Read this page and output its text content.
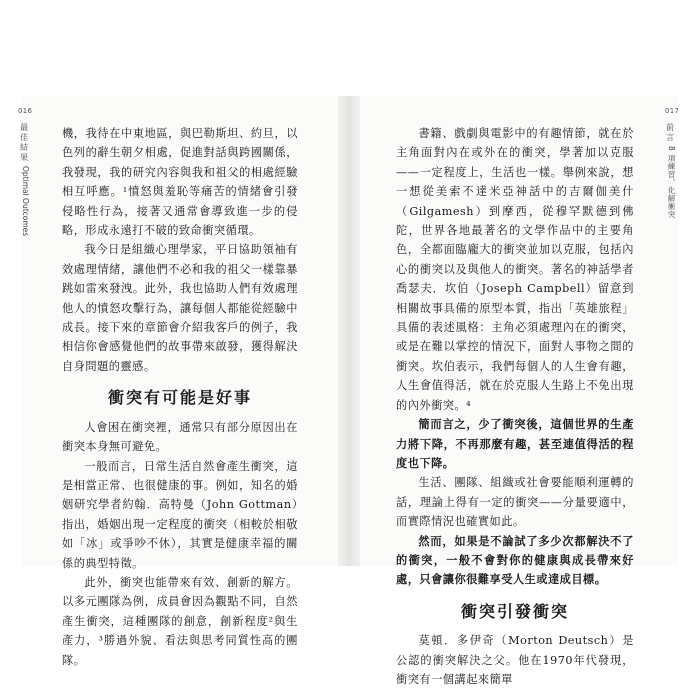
016	017
最佳結果
Optimal Outcomes
前言
8 項練習，化解衝突

機，我待在中東地區，與巴勒斯坦、約旦，以色列的辭生朝夕相處，促進對話與跨國關係，我發現，我的研究內容與我和祖父的相處經驗相互呼應。¹憤怒與羞恥等痛苦的情緒會引發侵略性行為，接著又通常會導致進一步的侵略，形成永遠打不破的致命衝突循環。

我今日是組織心理學家，平日協助領袖有效處理情緒，讓他們不必和我的祖父一樣靠暴跳如雷來發洩。此外，我也協助人們有效處理他人的憤怒攻擊行為，讓每個人都能從經驗中成長。接下來的章節會介紹我客戶的例子，我相信你會感覺他們的故事帶來啟發，獲得解決自身問題的靈感。

衝突有可能是好事

人會困在衝突裡，通常只有部分原因出在衝突本身無可避免。

一般而言，日常生活自然會產生衝突，這是相當正常、也很健康的事。例如，知名的婚姻研究學者約翰．高特曼（John Gottman）指出，婚姻出現一定程度的衝突（相較於相敬如「冰」或爭吵不休），其實是健康幸福的關係的典型特徵。

此外，衝突也能帶來有效、創新的解方。以多元團隊為例，成員會因為觀點不同，自然產生衝突，這種團隊的創意，創新程度²與生產力，³勝過外貌、看法與思考同質性高的團隊。

書籍、戲劇與電影中的有趣情節，就在於主角面對內在或外在的衝突，學著加以克服——一定程度上，生活也一樣。舉例來說，想一想從美索不達米亞神話中的吉爾伽美什（Gilgamesh）到摩西，從穆罕默德到佛陀，世界各地最著名的文學作品中的主要角色，全都面臨龐大的衝突並加以克服，包括內心的衝突以及與他人的衝突。著名的神話學者喬瑟夫．坎伯（Joseph Campbell）留意到相關故事具備的原型本質，指出「英雄旅程」具備的表述風格：主角必須處理內在的衝突，或是在難以掌控的情況下，面對人事物之間的衝突。坎伯表示，我們每個人的人生會有趣，人生會值得活，就在於克服人生路上不免出現的內外衝突。⁴

簡而言之，少了衝突後，這個世界的生產力將下降，不再那麼有趣，甚至連值得活的程度也下降。

生活、團隊、組織或社會要能順利運轉的話，理論上得有一定的衝突——分量要適中，而實際情況也確實如此。

然而，如果是不論試了多少次都解決不了的衝突，一般不會對你的健康與成長帶來好處，只會讓你很難享受人生或達成目標。

衝突引發衝突

莫頓．多伊奇（Morton Deutsch）是公認的衝突解決之父。他在1970年代發現，衝突有一個講起來簡單
